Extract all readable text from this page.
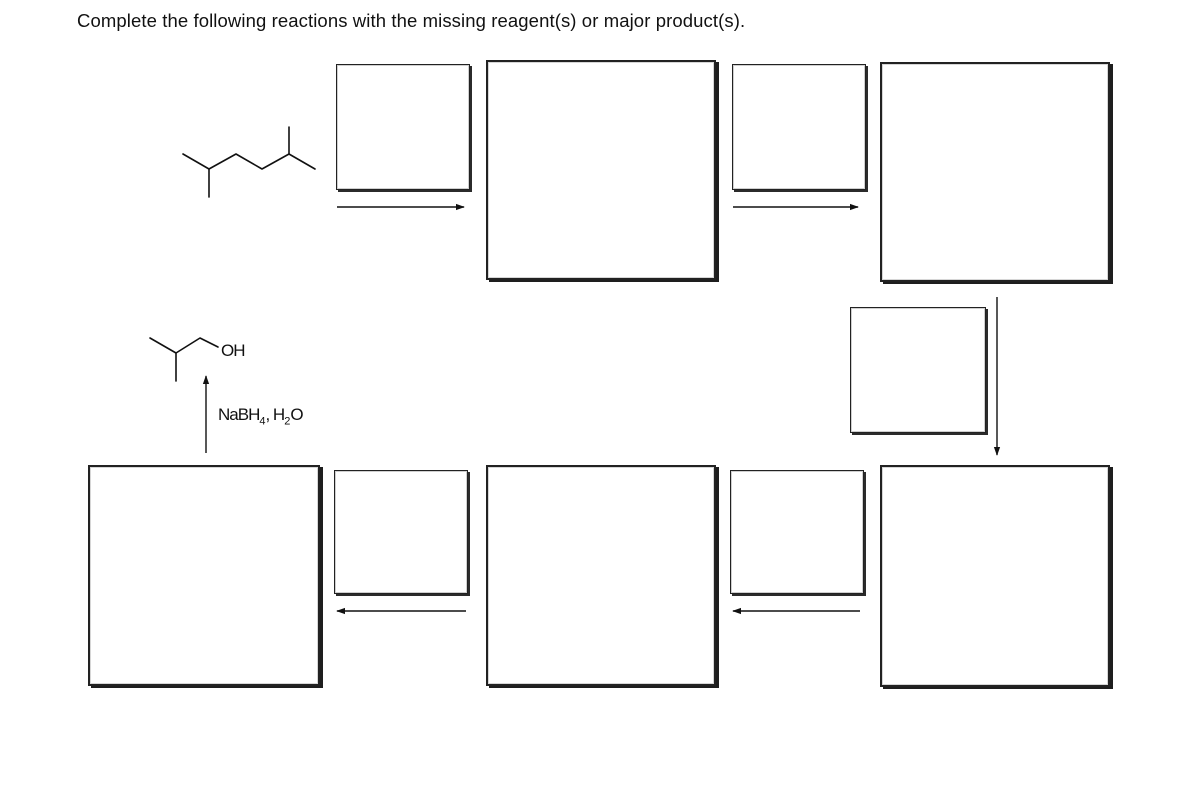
Complete the following reactions with the missing reagent(s) or major product(s).
OH
NaBH$_4$, $H_2O$
